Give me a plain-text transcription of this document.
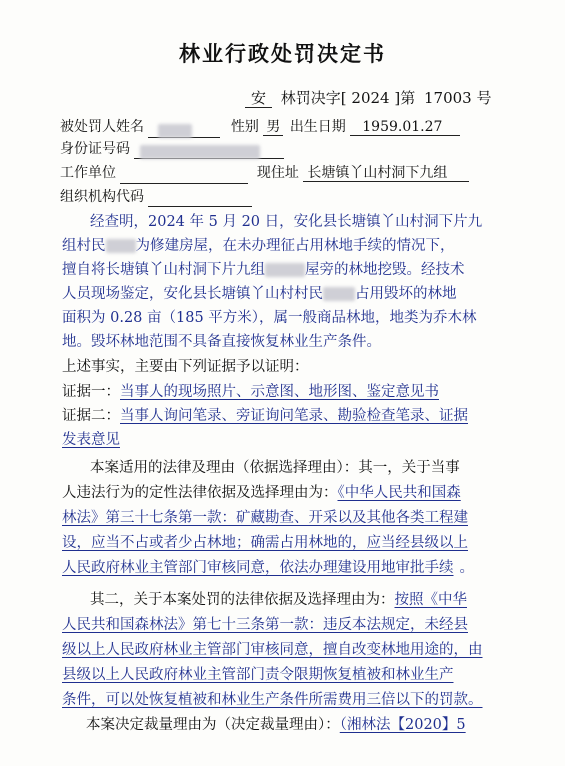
林业行政处罚决定书
安 林罚决字[ 2024 ]第 17003 号
被处罚人姓名	性别 男 出生日期 1959.01.27
身份证号码
工作单位	现住址 长塘镇丫山村洞下九组
组织机构代码
经查明，2024 年 5 月 20 日，安化县长塘镇丫山村洞下片九
组村民 为修建房屋，在未办理征占用林地手续的情况下，
擅自将长塘镇丫山村洞下片九组	屋旁的林地挖毁。经技术
人员现场鉴定，安化县长塘镇丫山村村民 占用毁坏的林地
面积为 0.28 亩（185 平方米），属一般商品林地，地类为乔木林
地。毁坏林地范围不具备直接恢复林业生产条件。
上述事实，主要由下列证据予以证明：
证据一：当事人的现场照片、示意图、地形图、鉴定意见书
证据二：当事人询问笔录、旁证询问笔录、勘验检查笔录、证据
发表意见
本案适用的法律及理由（依据选择理由）：其一，关于当事
人违法行为的定性法律依据及选择理由为：《中华人民共和国森
林法》第三十七条第一款：矿藏勘查、开采以及其他各类工程建
设，应当不占或者少占林地；确需占用林地的，应当经县级以上
人民政府林业主管部门审核同意，依法办理建设用地审批手续 。
其二，关于本案处罚的法律依据及选择理由为：按照《中华
人民共和国森林法》第七十三条第一款：违反本法规定，未经县
级以上人民政府林业主管部门审核同意，擅自改变林地用途的，由
县级以上人民政府林业主管部门责令限期恢复植被和林业生产
条件，可以处恢复植被和林业生产条件所需费用三倍以下的罚款。
本案决定裁量理由为（决定裁量理由）：（湘林法【2020】5
